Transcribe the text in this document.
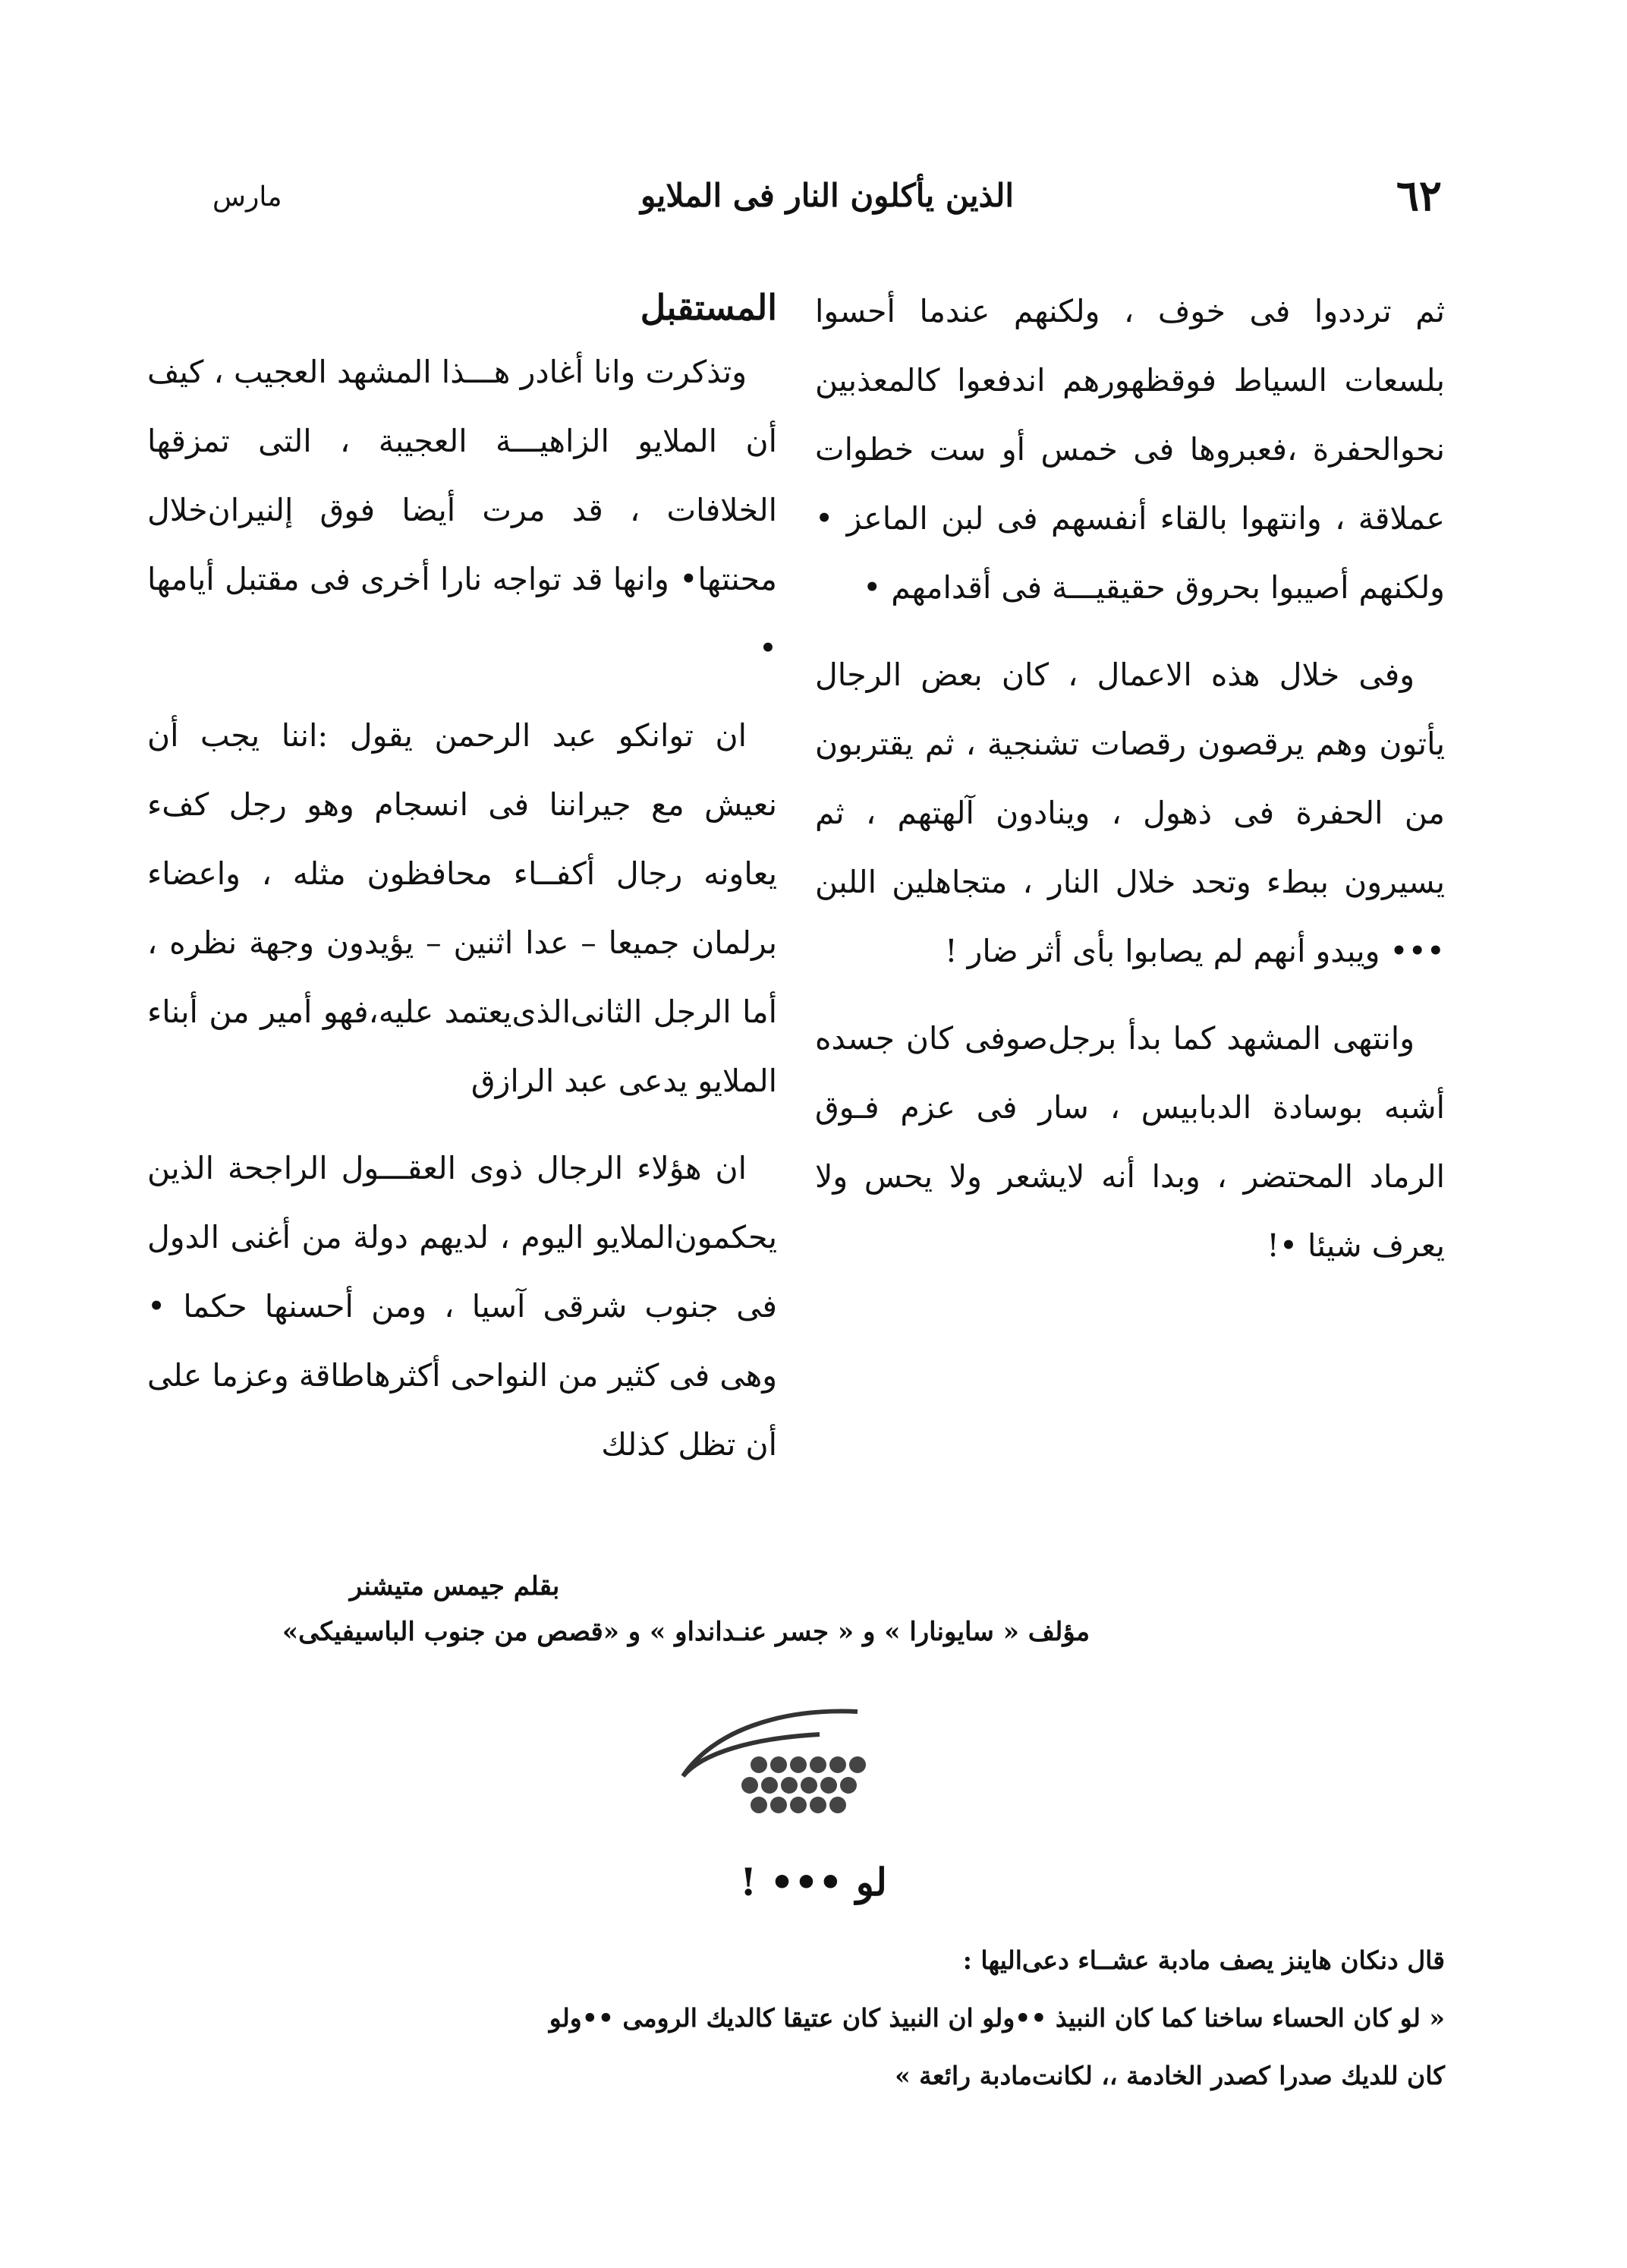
٦٢
الذين يأكلون النار فى الملايو
مارس

ثم ترددوا فى خوف ، ولكنهم عندما أحسوا بلسعات السياط فوقظهورهم اندفعوا كالمعذبين نحوالحفرة ،فعبروها فى خمس أو ست خطوات عملاقة ، وانتهوا بالقاء أنفسهم فى لبن الماعز • ولكنهم أصيبوا بحروق حقيقيـــة فى أقدامهم •

وفى خلال هذه الاعمال ، كان بعض الرجال يأتون وهم يرقصون رقصات تشنجية ، ثم يقتربون من الحفرة فى ذهول ، وينادون آلهتهم ، ثم يسيرون ببطء وتحد خلال النار ، متجاهلين اللبن ••• ويبدو أنهم لم يصابوا بأى أثر ضار !

وانتهى المشهد كما بدأ برجل‌صوفى كان جسده أشبه بوسادة الدبابيس ، سار فى عزم فـوق الرماد المحتضر ، وبدا أنه لايشعر ولا يحس ولا يعرف شيئا •!

المستقبل

وتذكرت وانا أغادر هـــذا المشهد العجيب ، كيف أن الملايو الزاهيـــة العجيبة ، التى تمزقها الخلافات ، قد مرت أيضا فوق إلنيران‌خلال محنتها• وانها قد تواجه نارا أخرى فى مقتبل أيامها •

ان توانكو عبد الرحمن يقول :اننا يجب أن نعيش مع جيراننا فى انسجام وهو رجل كفء يعاونه رجال أكفــاء محافظون مثله ، واعضاء برلمان جميعا – عدا اثنين – يؤيدون وجهة نظره ، أما الرجل الثانى‌الذى‌يعتمد عليه،فهو أمير من أبناء الملايو يدعى عبد الرازق

ان هؤلاء الرجال ذوى العقـــول الراجحة الذين يحكمون‌الملايو اليوم ، لديهم دولة من أغنى الدول فى جنوب شرقى آسيا ، ومن أحسنها حكما • وهى فى كثير من النواحى أكثرهاطاقة وعزما على أن تظل كذلك

بقلم جيمس متيشنر
مؤلف « سايونارا » و « جسر عنـد‌انداو » و «قصص من جنوب الباسيفيكى»
لو ••• !

قال دنكان هاينز يصف مادبة عشــاء دعى‌اليها :

« لو كان الحساء ساخنا كما كان النبيذ ••ولو ان النبيذ كان عتيقا كالديك الرومى ••ولو

كان للديك صدرا كصدر الخادمة ،، لكانت‌مادبة رائعة »
